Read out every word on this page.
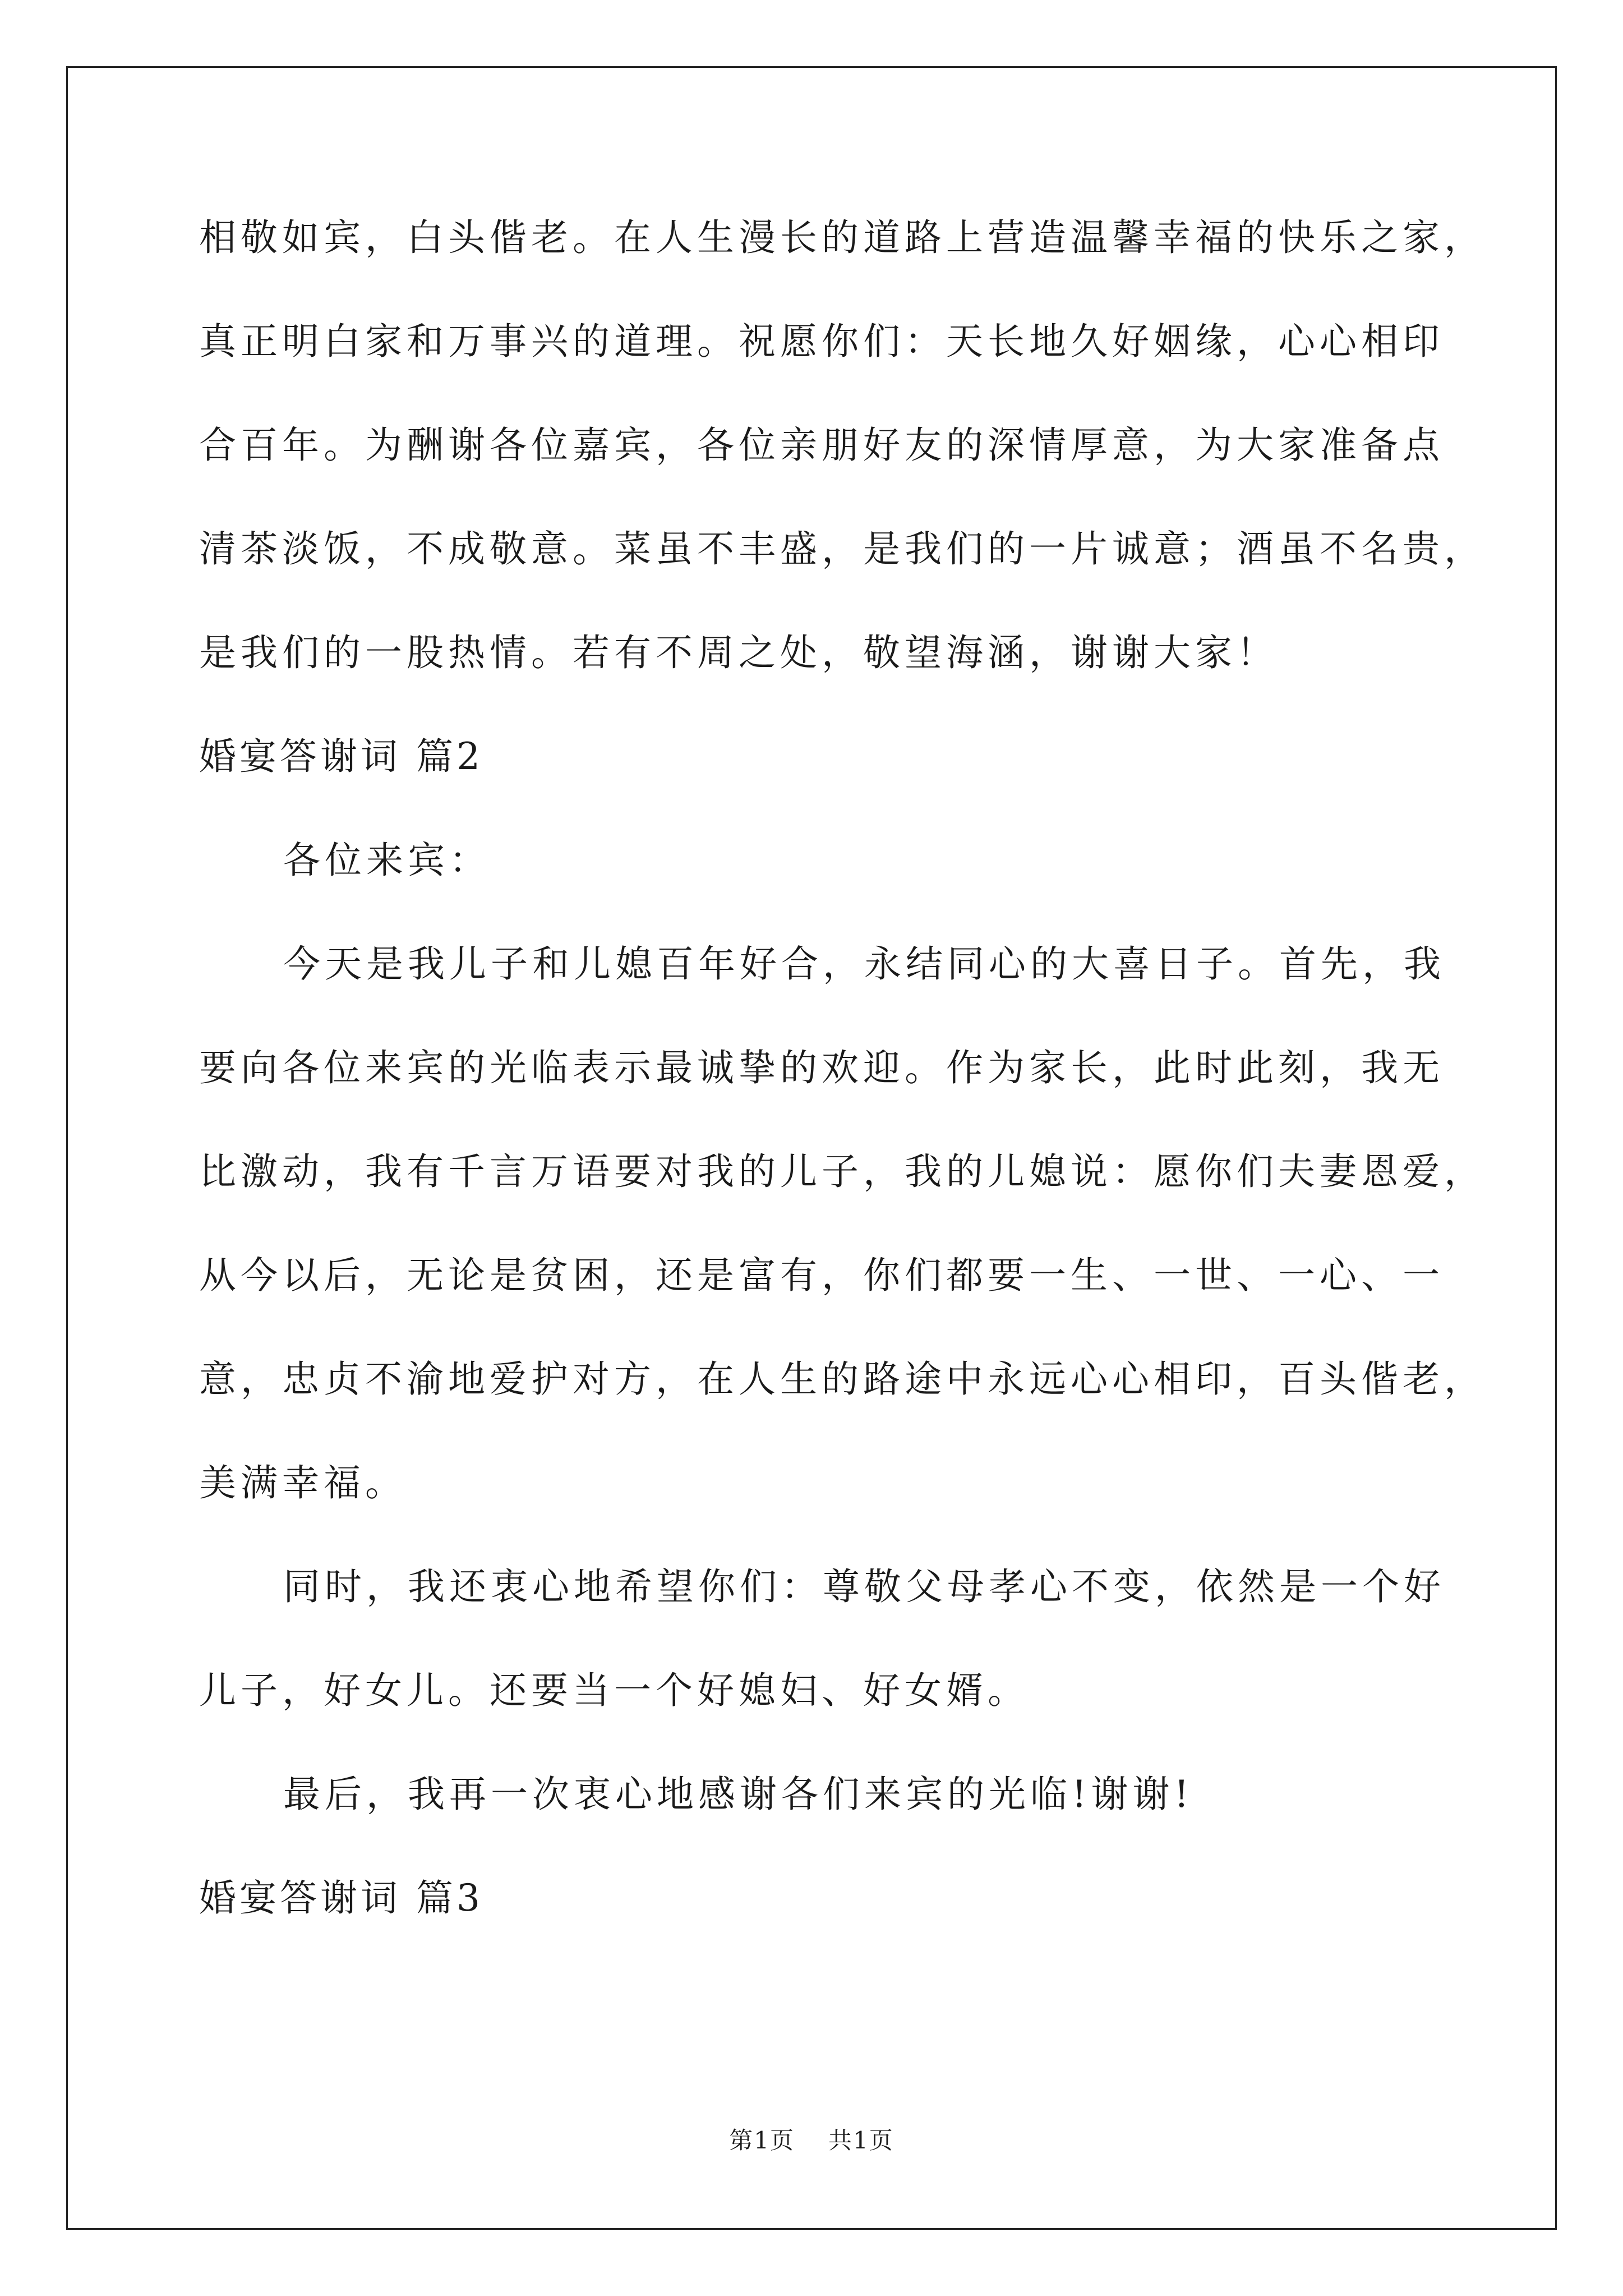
相敬如宾，白头偕老。在人生漫长的道路上营造温馨幸福的快乐之家，
真正明白家和万事兴的道理。祝愿你们：天长地久好姻缘，心心相印
合百年。为酬谢各位嘉宾，各位亲朋好友的深情厚意，为大家准备点
清茶淡饭，不成敬意。菜虽不丰盛，是我们的一片诚意；酒虽不名贵，
是我们的一股热情。若有不周之处，敬望海涵，谢谢大家！
婚宴答谢词 篇2
各位来宾：
今天是我儿子和儿媳百年好合，永结同心的大喜日子。首先，我
要向各位来宾的光临表示最诚挚的欢迎。作为家长，此时此刻，我无
比激动，我有千言万语要对我的儿子，我的儿媳说：愿你们夫妻恩爱，
从今以后，无论是贫困，还是富有，你们都要一生、一世、一心、一
意，忠贞不渝地爱护对方，在人生的路途中永远心心相印，百头偕老，
美满幸福。
同时，我还衷心地希望你们：尊敬父母孝心不变，依然是一个好
儿子，好女儿。还要当一个好媳妇、好女婿。
最后，我再一次衷心地感谢各们来宾的光临!谢谢!
婚宴答谢词 篇3
第1页 共1页
